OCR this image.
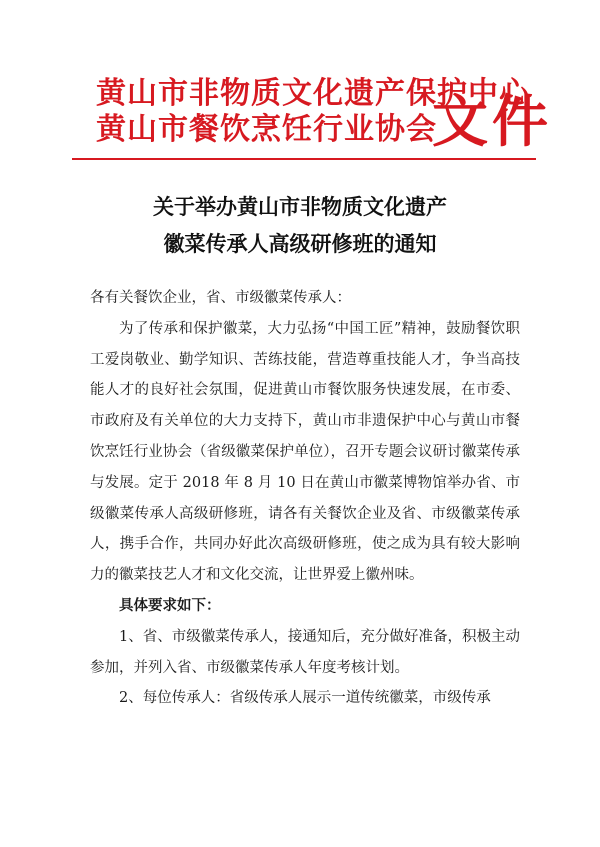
黄山市非物质文化遗产保护中心
黄山市餐饮烹饪行业协会
文件
关于举办黄山市非物质文化遗产
徽菜传承人高级研修班的通知

各有关餐饮企业，省、市级徽菜传承人：

为了传承和保护徽菜，大力弘扬“中国工匠”精神，鼓励餐饮职工爱岗敬业、勤学知识、苦练技能，营造尊重技能人才，争当高技能人才的良好社会氛围，促进黄山市餐饮服务快速发展，在市委、市政府及有关单位的大力支持下，黄山市非遗保护中心与黄山市餐饮烹饪行业协会（省级徽菜保护单位），召开专题会议研讨徽菜传承与发展。定于 2018 年 8 月 10 日在黄山市徽菜博物馆举办省、市级徽菜传承人高级研修班，请各有关餐饮企业及省、市级徽菜传承人，携手合作，共同办好此次高级研修班，使之成为具有较大影响力的徽菜技艺人才和文化交流，让世界爱上徽州味。

具体要求如下：

1、省、市级徽菜传承人，接通知后，充分做好准备，积极主动参加，并列入省、市级徽菜传承人年度考核计划。

2、每位传承人：省级传承人展示一道传统徽菜，市级传承
